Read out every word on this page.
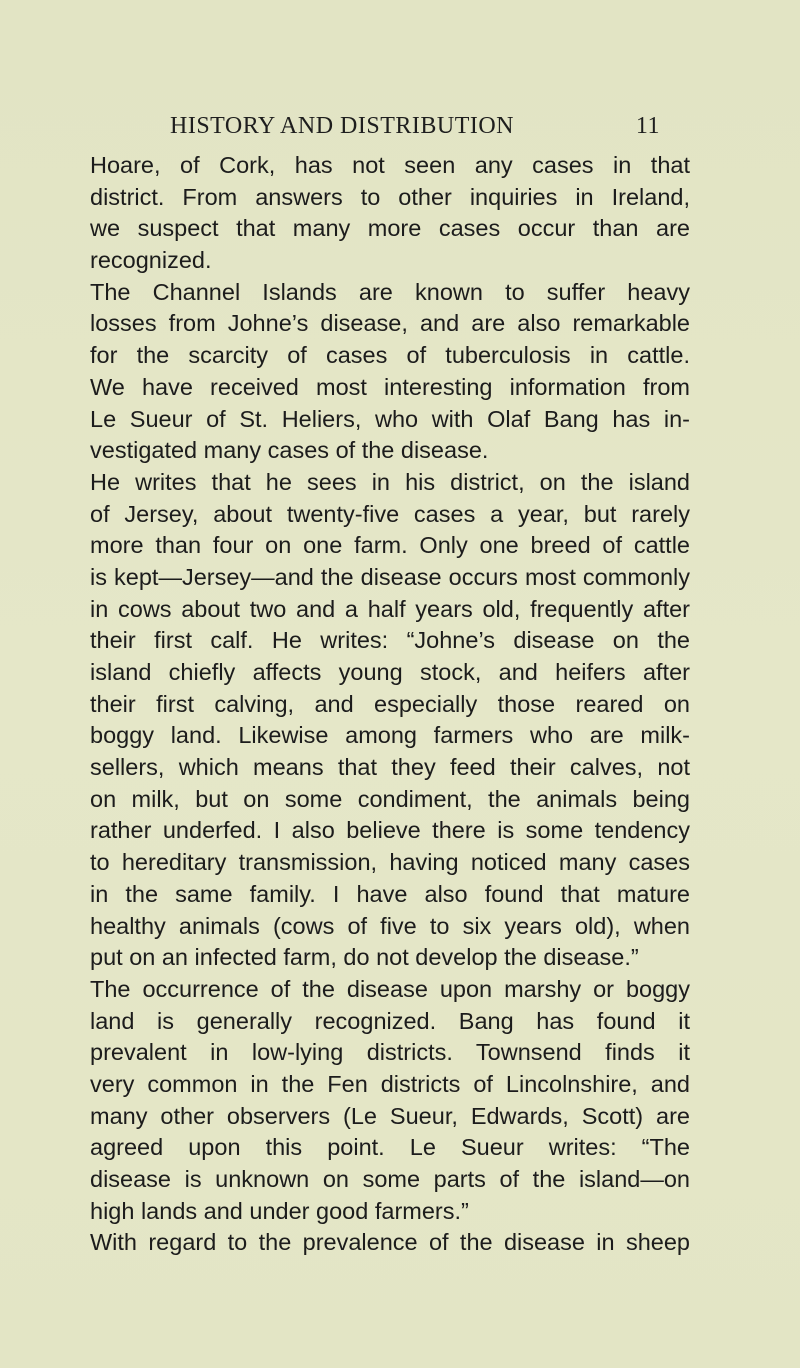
HISTORY AND DISTRIBUTION	11
Hoare, of Cork, has not seen any cases in that
district. From answers to other inquiries in Ireland,
we suspect that many more cases occur than are
recognized.
The Channel Islands are known to suffer heavy
losses from Johne’s disease, and are also remarkable
for the scarcity of cases of tuberculosis in cattle.
We have received most interesting information from
Le Sueur of St. Heliers, who with Olaf Bang has in-
vestigated many cases of the disease.
He writes that he sees in his district, on the island
of Jersey, about twenty-five cases a year, but rarely
more than four on one farm. Only one breed of cattle
is kept—Jersey—and the disease occurs most commonly
in cows about two and a half years old, frequently after
their first calf. He writes: “Johne’s disease on the
island chiefly affects young stock, and heifers after
their first calving, and especially those reared on
boggy land. Likewise among farmers who are milk-
sellers, which means that they feed their calves, not
on milk, but on some condiment, the animals being
rather underfed. I also believe there is some tendency
to hereditary transmission, having noticed many cases
in the same family. I have also found that mature
healthy animals (cows of five to six years old), when
put on an infected farm, do not develop the disease.”
The occurrence of the disease upon marshy or boggy
land is generally recognized. Bang has found it
prevalent in low-lying districts. Townsend finds it
very common in the Fen districts of Lincolnshire, and
many other observers (Le Sueur, Edwards, Scott) are
agreed upon this point. Le Sueur writes: “The
disease is unknown on some parts of the island—on
high lands and under good farmers.”
With regard to the prevalence of the disease in sheep
